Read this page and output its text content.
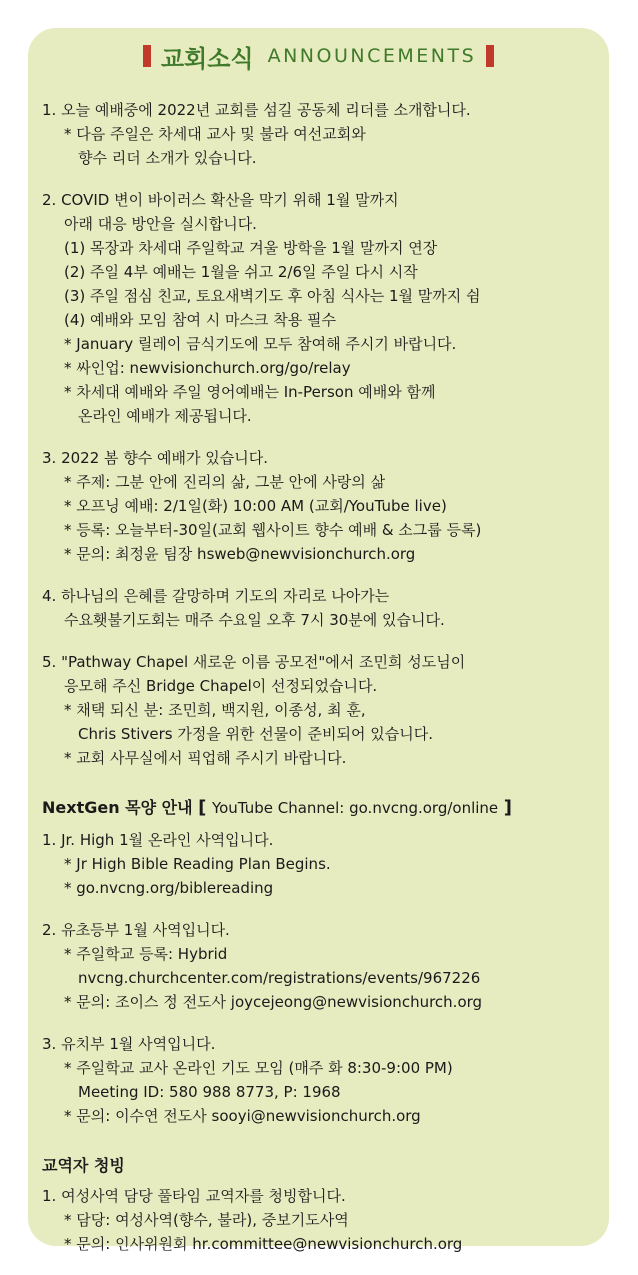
교회소식 ANNOUNCEMENTS
1. 오늘 예배중에 2022년 교회를 섬길 공동체 리더를 소개합니다.
* 다음 주일은 차세대 교사 및 불라 여선교회와
향수 리더 소개가 있습니다.
2. COVID 변이 바이러스 확산을 막기 위해 1월 말까지
아래 대응 방안을 실시합니다.
(1) 목장과 차세대 주일학교 겨울 방학을 1월 말까지 연장
(2) 주일 4부 예배는 1월을 쉬고 2/6일 주일 다시 시작
(3) 주일 점심 친교, 토요새벽기도 후 아침 식사는 1월 말까지 쉼
(4) 예배와 모임 참여 시 마스크 착용 필수
* January 릴레이 금식기도에 모두 참여해 주시기 바랍니다.
* 싸인업: newvisionchurch.org/go/relay
* 차세대 예배와 주일 영어예배는 In-Person 예배와 함께
온라인 예배가 제공됩니다.
3. 2022 봄 향수 예배가 있습니다.
* 주제: 그분 안에 진리의 삶, 그분 안에 사랑의 삶
* 오프닝 예배: 2/1일(화) 10:00 AM (교회/YouTube live)
* 등록: 오늘부터-30일(교회 웹사이트 향수 예배 & 소그룹 등록)
* 문의: 최정윤 팀장 hsweb@newvisionchurch.org
4. 하나님의 은혜를 갈망하며 기도의 자리로 나아가는
수요횃불기도회는 매주 수요일 오후 7시 30분에 있습니다.
5. "Pathway Chapel 새로운 이름 공모전"에서 조민희 성도님이
응모해 주신 Bridge Chapel이 선정되었습니다.
* 채택 되신 분: 조민희, 백지원, 이종성, 최 훈,
Chris Stivers 가정을 위한 선물이 준비되어 있습니다.
* 교회 사무실에서 픽업해 주시기 바랍니다.
NextGen 목양 안내 [ YouTube Channel: go.nvcng.org/online ]
1. Jr. High 1월 온라인 사역입니다.
* Jr High Bible Reading Plan Begins.
* go.nvcng.org/biblereading
2. 유초등부 1월 사역입니다.
* 주일학교 등록: Hybrid
nvcng.churchcenter.com/registrations/events/967226
* 문의: 조이스 정 전도사 joycejeong@newvisionchurch.org
3. 유치부 1월 사역입니다.
* 주일학교 교사 온라인 기도 모임 (매주 화 8:30-9:00 PM)
Meeting ID: 580 988 8773, P: 1968
* 문의: 이수연 전도사 sooyi@newvisionchurch.org
교역자 청빙
1. 여성사역 담당 풀타임 교역자를 청빙합니다.
* 담당: 여성사역(향수, 불라), 중보기도사역
* 문의: 인사위원회 hr.committee@newvisionchurch.org
